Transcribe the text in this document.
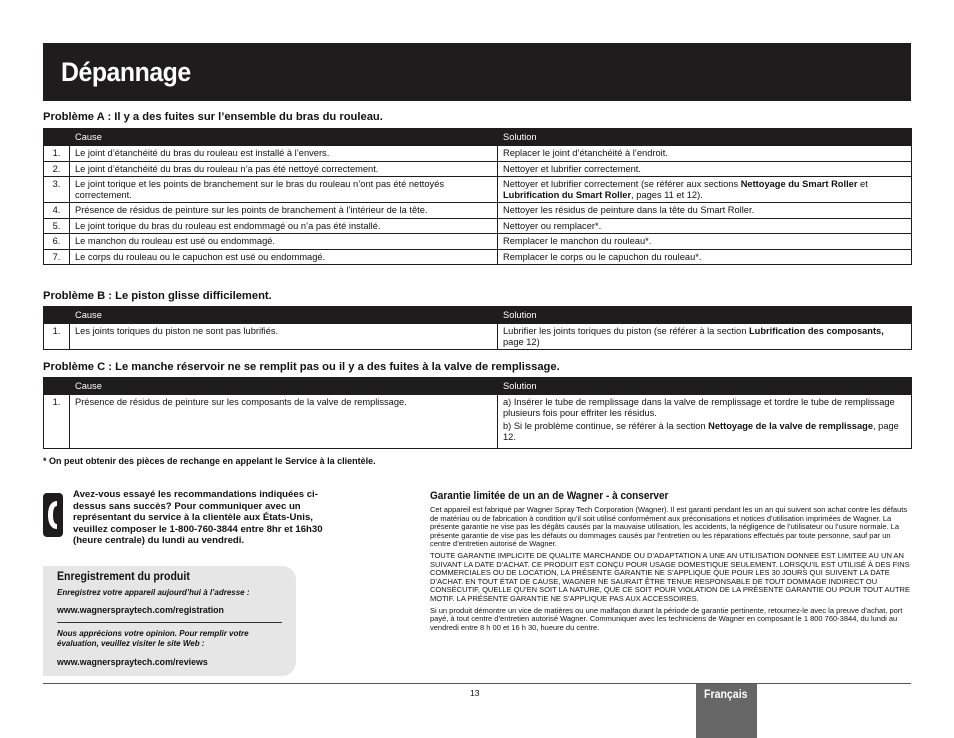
Dépannage
Problème A : Il y a des fuites sur l’ensemble du bras du rouleau.
	Cause	Solution
1.	Le joint d’étanchéité du bras du rouleau est installé à l’envers.	Replacer le joint d’étanchéité à l’endroit.
2.	Le joint d’étanchéité du bras du rouleau n’a pas été nettoyé correctement.	Nettoyer et lubrifier correctement.
3.	Le joint torique et les points de branchement sur le bras du rouleau n’ont pas été nettoyés correctement.	Nettoyer et lubrifier correctement (se référer aux sections Nettoyage du Smart Roller et Lubrification du Smart Roller, pages 11 et 12).
4.	Présence de résidus de peinture sur les points de branchement à l’intérieur de la tête.	Nettoyer les résidus de peinture dans la tête du Smart Roller.
5.	Le joint torique du bras du rouleau est endommagé ou n’a pas été installé.	Nettoyer ou remplacer*.
6.	Le manchon du rouleau est usé ou endommagé.	Remplacer le manchon du rouleau*.
7.	Le corps du rouleau ou le capuchon est usé ou endommagé.	Remplacer le corps ou le capuchon du rouleau*.
Problème B : Le piston glisse difficilement.
	Cause	Solution
1.	Les joints toriques du piston ne sont pas lubrifiés.	Lubrifier les joints toriques du piston (se référer à la section Lubrification des composants, page 12)
Problème C : Le manche réservoir ne se remplit pas ou il y a des fuites à la valve de remplissage.
	Cause	Solution
1.	Présence de résidus de peinture sur les composants de la valve de remplissage.	a) Insérer le tube de remplissage dans la valve de remplissage et tordre le tube de remplissage plusieurs fois pour effriter les résidus.
b) Si le problème continue, se référer à la section Nettoyage de la valve de remplissage, page 12.
* On peut obtenir des pièces de rechange en appelant le Service à la clientèle.
Avez-vous essayé les recommandations indiquées ci-dessus sans succès? Pour communiquer avec un représentant du service à la clientèle aux États-Unis, veuillez composer le 1-800-760-3844 entre 8hr et 16h30 (heure centrale) du lundi au vendredi.
Enregistrement du produit
Enregistrez votre appareil aujourd’hui à l’adresse :
www.wagnerspraytech.com/registration
Nous apprécions votre opinion. Pour remplir votre évaluation, veuillez visiter le site Web :
www.wagnerspraytech.com/reviews
Garantie limitée de un an de Wagner - à conserver

Cet appareil est fabriqué par Wagner Spray Tech Corporation (Wagner). Il est garanti pendant les un an qui suivent son achat contre les défauts de matériau ou de fabrication à condition qu’il soit utilisé conformément aux préconisations et notices d’utilisation imprimées de Wagner. La présente garantie ne vise pas les dégâts causés par la mauvaise utilisation, les accidents, la négligence de l’utilisateur ou l’usure normale. La présente garantie de vise pas les défauts ou dommages causés par l’entretien ou les réparations effectués par toute personne, sauf par un centre d’entretien autorisé de Wagner.

TOUTE GARANTIE IMPLICITE DE QUALITE MARCHANDE OU D’ADAPTATION A UNE AN UTILISATION DONNEE EST LIMITEE AU UN AN SUIVANT LA DATE D’ACHAT. CE PRODUIT EST CONÇU POUR USAGE DOMESTIQUE SEULEMENT. LORSQU’IL EST UTILISÉ À DES FINS COMMERCIALES OU DE LOCATION, LA PRÉSENTE GARANTIE NE S’APPLIQUE QUE POUR LES 30 JOURS QUI SUIVENT LA DATE D’ACHAT. EN TOUT ÉTAT DE CAUSE, WAGNER NE SAURAIT ÊTRE TENUE RESPONSABLE DE TOUT DOMMAGE INDIRECT OU CONSÉCUTIF, QUELLE QU’EN SOIT LA NATURE, QUE CE SOIT POUR VIOLATION DE LA PRÉSENTE GARANTIE OU POUR TOUT AUTRE MOTIF. LA PRÉSENTE GARANTIE NE S’APPLIQUE PAS AUX ACCESSOIRES.

Si un produit démontre un vice de matières ou une malfaçon durant la période de garantie pertinente, retournez-le avec la preuve d’achat, port payé, à tout centre d’entretien autorisé Wagner. Communiquer avec les techniciens de Wagner en composant le 1 800 760-3844, du lundi au vendredi entre 8 h 00 et 16 h 30, hueure du centre.

13	Français
